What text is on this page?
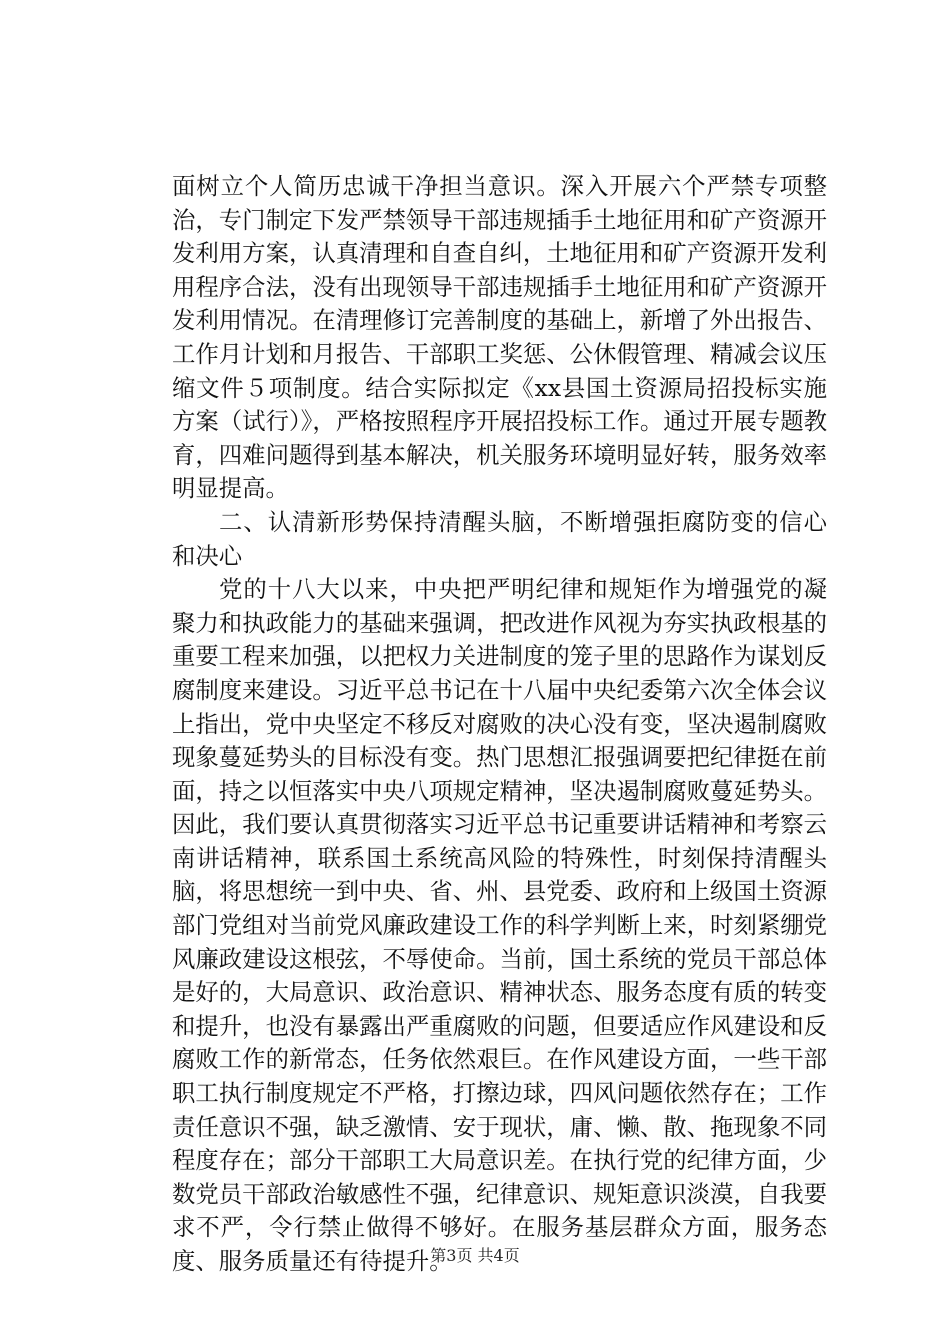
面树立个人简历忠诚干净担当意识。深入开展六个严禁专项整治，专门制定下发严禁领导干部违规插手土地征用和矿产资源开发利用方案，认真清理和自查自纠，土地征用和矿产资源开发利用程序合法，没有出现领导干部违规插手土地征用和矿产资源开发利用情况。在清理修订完善制度的基础上，新增了外出报告、工作月计划和月报告、干部职工奖惩、公休假管理、精减会议压缩文件５项制度。结合实际拟定《xx县国土资源局招投标实施方案（试行）》，严格按照程序开展招投标工作。通过开展专题教育，四难问题得到基本解决，机关服务环境明显好转，服务效率明显提高。

二、认清新形势保持清醒头脑，不断增强拒腐防变的信心和决心

党的十八大以来，中央把严明纪律和规矩作为增强党的凝聚力和执政能力的基础来强调，把改进作风视为夯实执政根基的重要工程来加强，以把权力关进制度的笼子里的思路作为谋划反腐制度来建设。习近平总书记在十八届中央纪委第六次全体会议上指出，党中央坚定不移反对腐败的决心没有变，坚决遏制腐败现象蔓延势头的目标没有变。热门思想汇报强调要把纪律挺在前面，持之以恒落实中央八项规定精神，坚决遏制腐败蔓延势头。因此，我们要认真贯彻落实习近平总书记重要讲话精神和考察云南讲话精神，联系国土系统高风险的特殊性，时刻保持清醒头脑，将思想统一到中央、省、州、县党委、政府和上级国土资源部门党组对当前党风廉政建设工作的科学判断上来，时刻紧绷党风廉政建设这根弦，不辱使命。当前，国土系统的党员干部总体是好的，大局意识、政治意识、精神状态、服务态度有质的转变和提升，也没有暴露出严重腐败的问题，但要适应作风建设和反腐败工作的新常态，任务依然艰巨。在作风建设方面，一些干部职工执行制度规定不严格，打擦边球，四风问题依然存在；工作责任意识不强，缺乏激情、安于现状，庸、懒、散、拖现象不同程度存在；部分干部职工大局意识差。在执行党的纪律方面，少数党员干部政治敏感性不强，纪律意识、规矩意识淡漠，自我要求不严，令行禁止做得不够好。在服务基层群众方面，服务态度、服务质量还有待提升。

第3页 共4页
